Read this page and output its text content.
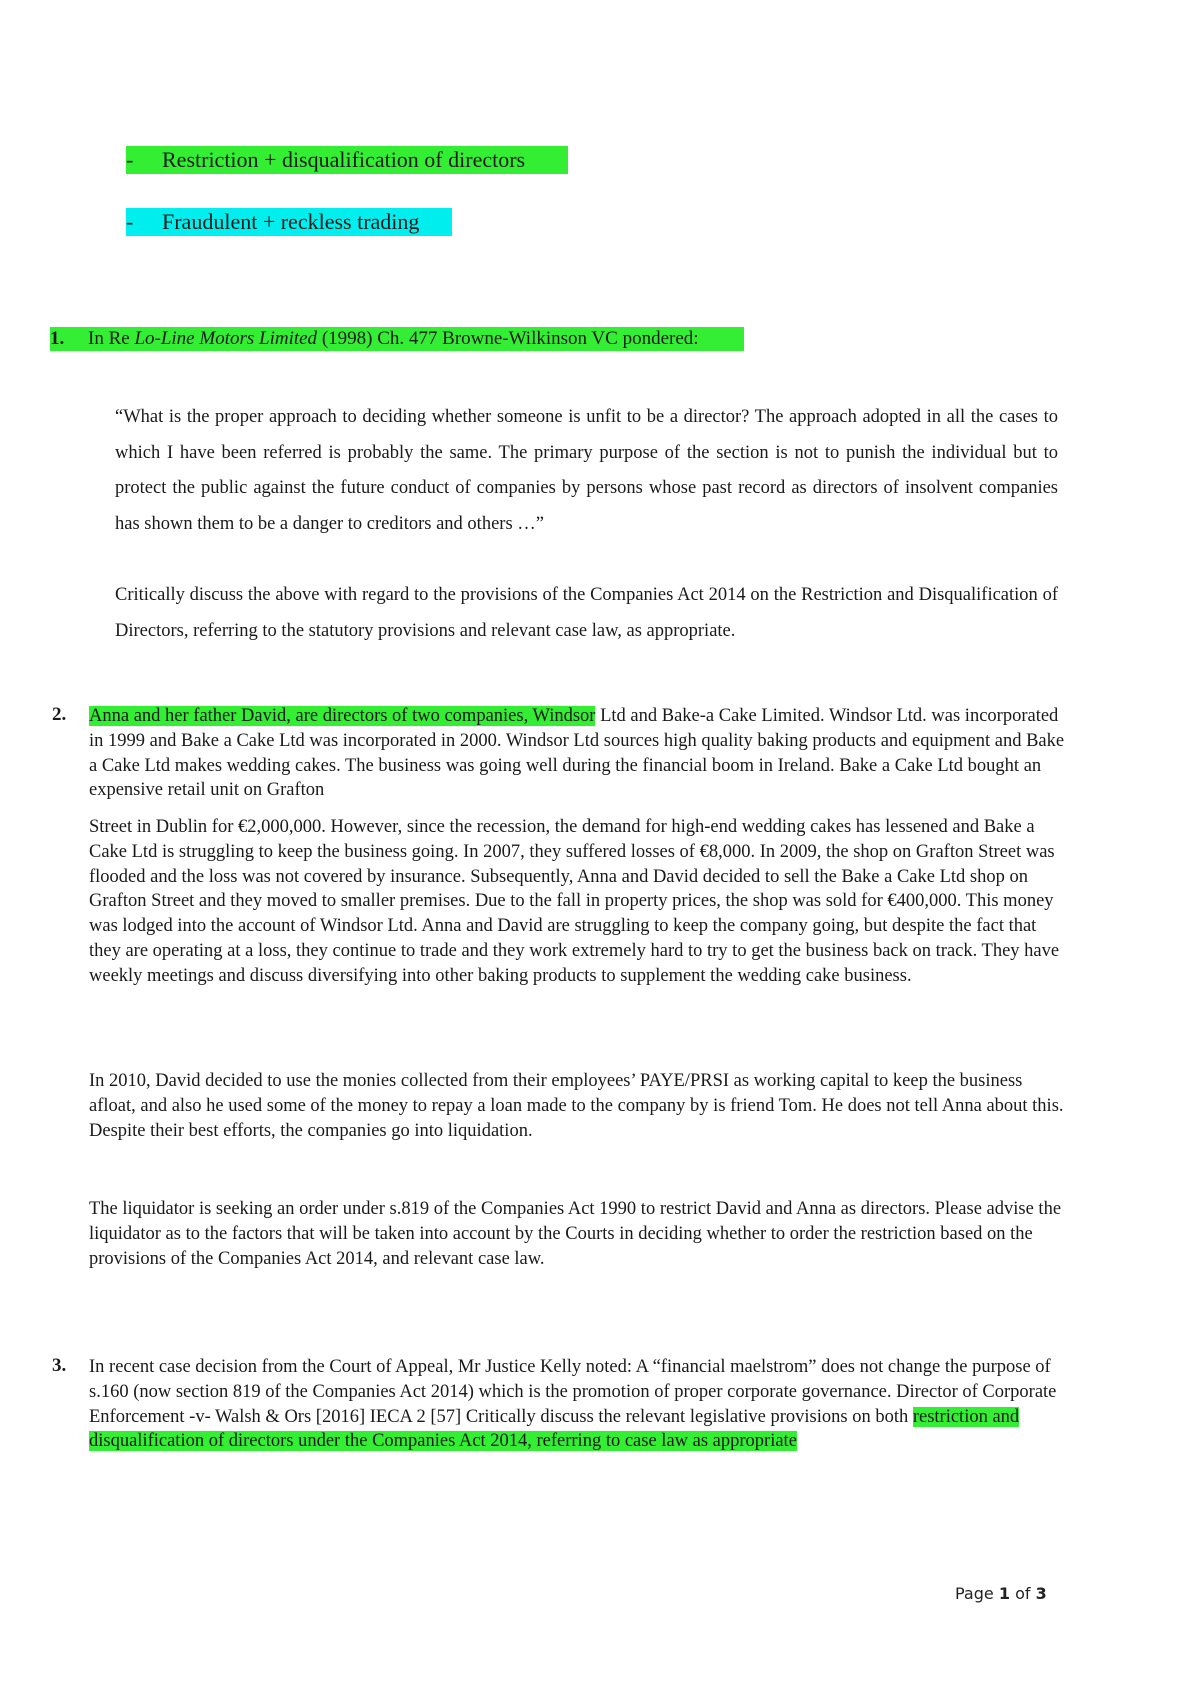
- Restriction + disqualification of directors
- Fraudulent + reckless trading
1. In Re Lo-Line Motors Limited (1998) Ch. 477 Browne-Wilkinson VC pondered:
“What is the proper approach to deciding whether someone is unfit to be a director? The approach adopted in all the cases to which I have been referred is probably the same. The primary purpose of the section is not to punish the individual but to protect the public against the future conduct of companies by persons whose past record as directors of insolvent companies has shown them to be a danger to creditors and others …”
Critically discuss the above with regard to the provisions of the Companies Act 2014 on the Restriction and Disqualification of Directors, referring to the statutory provisions and relevant case law, as appropriate.
2. Anna and her father David, are directors of two companies, Windsor Ltd and Bake-a Cake Limited. Windsor Ltd. was incorporated in 1999 and Bake a Cake Ltd was incorporated in 2000. Windsor Ltd sources high quality baking products and equipment and Bake a Cake Ltd makes wedding cakes. The business was going well during the financial boom in Ireland. Bake a Cake Ltd bought an expensive retail unit on Grafton
Street in Dublin for €2,000,000. However, since the recession, the demand for high-end wedding cakes has lessened and Bake a Cake Ltd is struggling to keep the business going. In 2007, they suffered losses of €8,000. In 2009, the shop on Grafton Street was flooded and the loss was not covered by insurance. Subsequently, Anna and David decided to sell the Bake a Cake Ltd shop on Grafton Street and they moved to smaller premises. Due to the fall in property prices, the shop was sold for €400,000. This money was lodged into the account of Windsor Ltd. Anna and David are struggling to keep the company going, but despite the fact that they are operating at a loss, they continue to trade and they work extremely hard to try to get the business back on track. They have weekly meetings and discuss diversifying into other baking products to supplement the wedding cake business.
In 2010, David decided to use the monies collected from their employees’ PAYE/PRSI as working capital to keep the business afloat, and also he used some of the money to repay a loan made to the company by is friend Tom. He does not tell Anna about this. Despite their best efforts, the companies go into liquidation.
The liquidator is seeking an order under s.819 of the Companies Act 1990 to restrict David and Anna as directors. Please advise the liquidator as to the factors that will be taken into account by the Courts in deciding whether to order the restriction based on the provisions of the Companies Act 2014, and relevant case law.
3. In recent case decision from the Court of Appeal, Mr Justice Kelly noted: A “financial maelstrom” does not change the purpose of s.160 (now section 819 of the Companies Act 2014) which is the promotion of proper corporate governance. Director of Corporate Enforcement -v- Walsh & Ors [2016] IECA 2 [57] Critically discuss the relevant legislative provisions on both restriction and disqualification of directors under the Companies Act 2014, referring to case law as appropriate
Page 1 of 3
